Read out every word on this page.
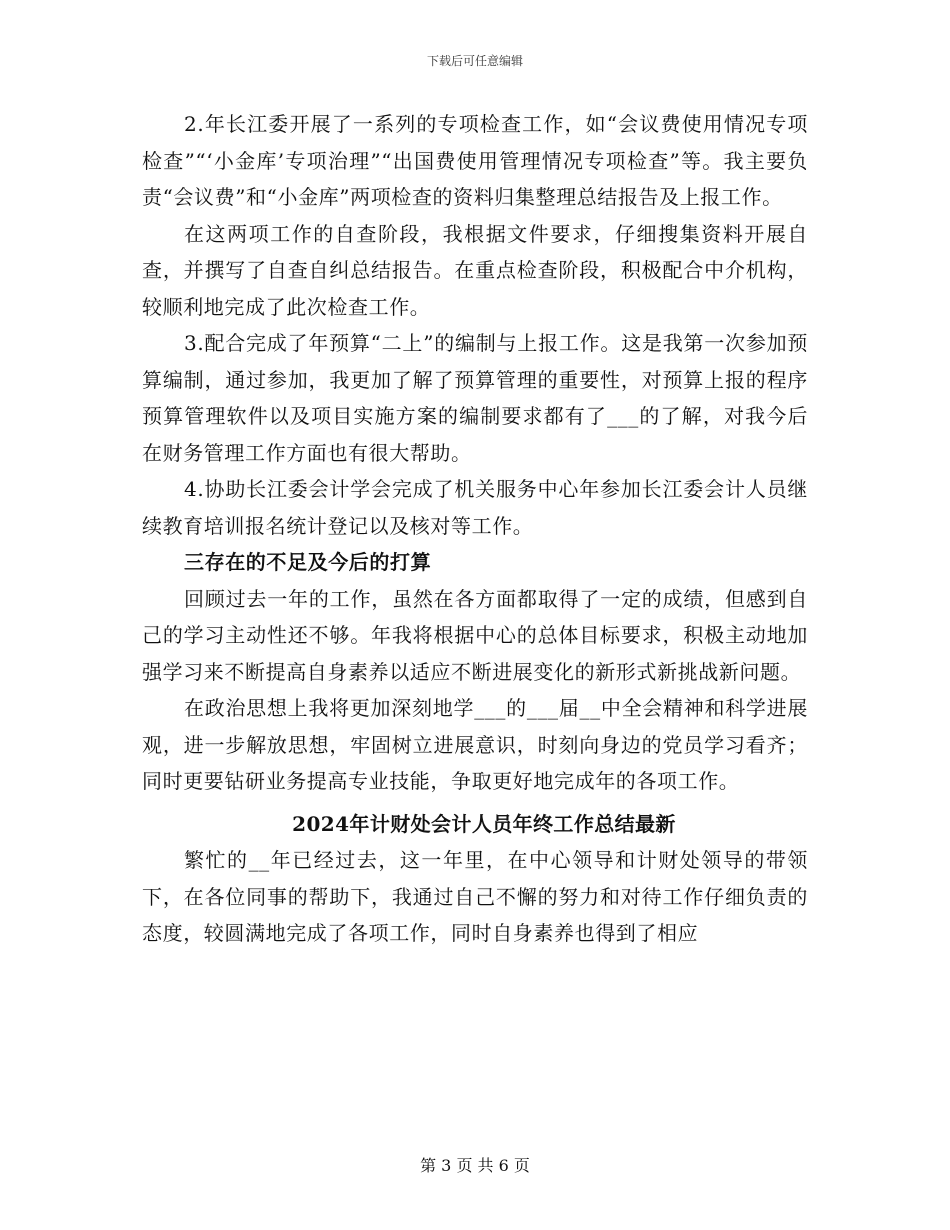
下载后可任意编辑

2.年长江委开展了一系列的专项检查工作，如“会议费使用情况专项检查”“‘小金库’专项治理”“出国费使用管理情况专项检查”等。我主要负责“会议费”和“小金库”两项检查的资料归集整理总结报告及上报工作。

在这两项工作的自查阶段，我根据文件要求，仔细搜集资料开展自查，并撰写了自查自纠总结报告。在重点检查阶段，积极配合中介机构，较顺利地完成了此次检查工作。

3.配合完成了年预算“二上”的编制与上报工作。这是我第一次参加预算编制，通过参加，我更加了解了预算管理的重要性，对预算上报的程序预算管理软件以及项目实施方案的编制要求都有了___的了解，对我今后在财务管理工作方面也有很大帮助。

4.协助长江委会计学会完成了机关服务中心年参加长江委会计人员继续教育培训报名统计登记以及核对等工作。

三存在的不足及今后的打算

回顾过去一年的工作，虽然在各方面都取得了一定的成绩，但感到自己的学习主动性还不够。年我将根据中心的总体目标要求，积极主动地加强学习来不断提高自身素养以适应不断进展变化的新形式新挑战新问题。

在政治思想上我将更加深刻地学___的___届__中全会精神和科学进展观，进一步解放思想，牢固树立进展意识，时刻向身边的党员学习看齐；同时更要钻研业务提高专业技能，争取更好地完成年的各项工作。

2024年计财处会计人员年终工作总结最新

繁忙的__年已经过去，这一年里，在中心领导和计财处领导的带领下，在各位同事的帮助下，我通过自己不懈的努力和对待工作仔细负责的态度，较圆满地完成了各项工作，同时自身素养也得到了相应

第 3 页 共 6 页
